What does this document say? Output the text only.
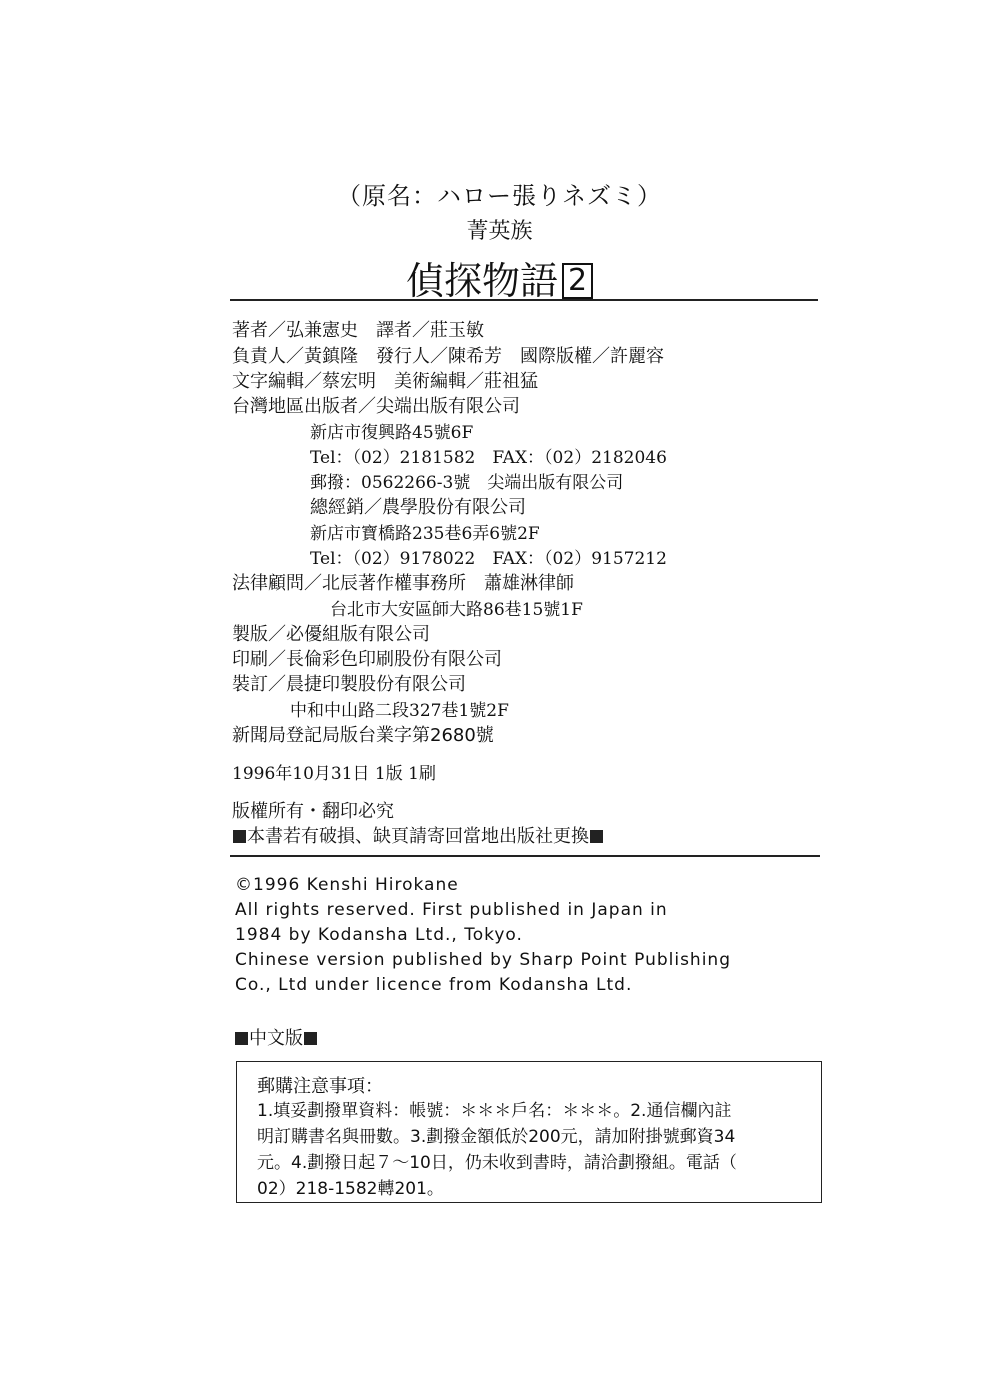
（原名：ハロー張りネズミ）
菁英族
偵探物語 2
著者／弘兼憲史　譯者／莊玉敏
負責人／黃鎮隆　發行人／陳希芳　國際版權／許麗容
文字編輯／蔡宏明　美術編輯／莊祖猛
台灣地區出版者／尖端出版有限公司
新店市復興路45號6F
Tel：（02）2181582　FAX：（02）2182046
郵撥：0562266-3號　尖端出版有限公司
總經銷／農學股份有限公司
新店市寶橋路235巷6弄6號2F
Tel：（02）9178022　FAX：（02）9157212
法律顧問／北辰著作權事務所　蕭雄淋律師
台北市大安區師大路86巷15號1F
製版／必優組版有限公司
印刷／長倫彩色印刷股份有限公司
裝訂／晨捷印製股份有限公司
中和中山路二段327巷1號2F
新聞局登記局版台業字第2680號
1996年10月31日 1版 1刷
版權所有・翻印必究
本書若有破損、缺頁請寄回當地出版社更換
©1996 Kenshi Hirokane
All rights reserved. First published in Japan in
1984 by Kodansha Ltd., Tokyo.
Chinese version published by Sharp Point Publishing
Co., Ltd under licence from Kodansha Ltd.
中文版
郵購注意事項：
1.填妥劃撥單資料：帳號：＊＊＊戶名：＊＊＊。2.通信欄內註
明訂購書名與冊數。3.劃撥金額低於200元，請加附掛號郵資34
元。4.劃撥日起７～10日，仍未收到書時，請洽劃撥組。電話（
02）218-1582轉201。
